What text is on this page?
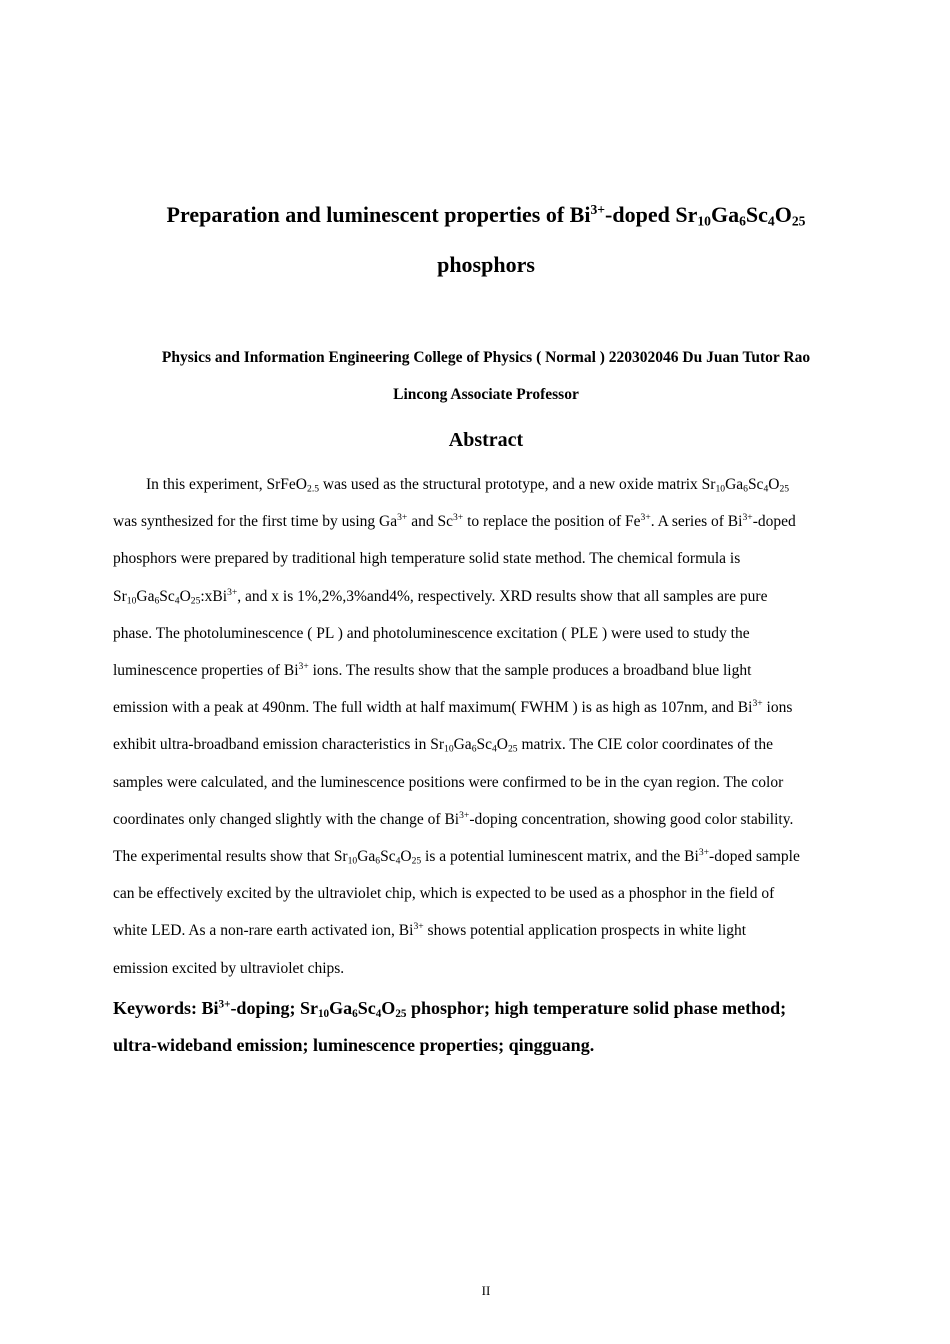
Preparation and luminescent properties of $Bi^{3+}$-doped $Sr_{10}Ga_6Sc_4O_{25}$
phosphors
Physics and Information Engineering College of Physics ( Normal ) 220302046 Du Juan Tutor Rao
Lincong Associate Professor
Abstract
In this experiment, SrFeO$_{2.5}$ was used as the structural prototype, and a new oxide matrix $Sr_{10}Ga_6Sc_4O_{25}$
was synthesized for the first time by using $Ga^{3+}$ and $Sc^{3+}$ to replace the position of $Fe^{3+}$. A series of $Bi^{3+}$-doped
phosphors were prepared by traditional high temperature solid state method. The chemical formula is
$Sr_{10}Ga_6Sc_4O_{25}:xBi^{3+}$, and x is 1%,2%,3%and4%, respectively. XRD results show that all samples are pure
phase. The photoluminescence ( PL ) and photoluminescence excitation ( PLE ) were used to study the
luminescence properties of $Bi^{3+}$ ions. The results show that the sample produces a broadband blue light
emission with a peak at 490nm. The full width at half maximum( FWHM ) is as high as 107nm, and $Bi^{3+}$ ions
exhibit ultra-broadband emission characteristics in $Sr_{10}Ga_6Sc_4O_{25}$ matrix. The CIE color coordinates of the
samples were calculated, and the luminescence positions were confirmed to be in the cyan region. The color
coordinates only changed slightly with the change of $Bi^{3+}$-doping concentration, showing good color stability.
The experimental results show that $Sr_{10}Ga_6Sc_4O_{25}$ is a potential luminescent matrix, and the $Bi^{3+}$-doped sample
can be effectively excited by the ultraviolet chip, which is expected to be used as a phosphor in the field of
white LED. As a non-rare earth activated ion, $Bi^{3+}$ shows potential application prospects in white light
emission excited by ultraviolet chips.
Keywords: $Bi^{3+}$-doping; $Sr_{10}Ga_6Sc_4O_{25}$ phosphor; high temperature solid phase method;
ultra-wideband emission; luminescence properties; qingguang.
II
